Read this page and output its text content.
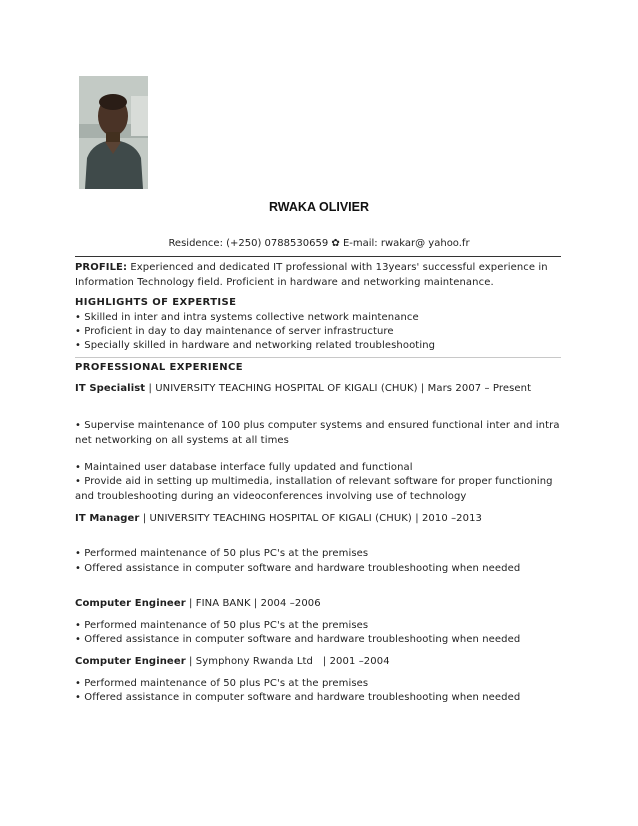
RWAKA OLIVIER
Residence: (+250) 0788530659 ✿ E-mail: rwakar@ yahoo.fr
PROFILE: Experienced and dedicated IT professional with 13years' successful experience in Information Technology field. Proficient in hardware and networking maintenance.
HIGHLIGHTS OF EXPERTISE
• Skilled in inter and intra systems collective network maintenance
• Proficient in day to day maintenance of server infrastructure
• Specially skilled in hardware and networking related troubleshooting
PROFESSIONAL EXPERIENCE
IT Specialist | UNIVERSITY TEACHING HOSPITAL OF KIGALI (CHUK) | Mars 2007 – Present
• Supervise maintenance of 100 plus computer systems and ensured functional inter and intra net networking on all systems at all times
• Maintained user database interface fully updated and functional
• Provide aid in setting up multimedia, installation of relevant software for proper functioning and troubleshooting during an videoconferences involving use of technology
IT Manager | UNIVERSITY TEACHING HOSPITAL OF KIGALI (CHUK) | 2010 –2013
• Performed maintenance of 50 plus PC's at the premises
• Offered assistance in computer software and hardware troubleshooting when needed
Computer Engineer | FINA BANK | 2004 –2006
• Performed maintenance of 50 plus PC's at the premises
• Offered assistance in computer software and hardware troubleshooting when needed
Computer Engineer | Symphony Rwanda Ltd   | 2001 –2004
• Performed maintenance of 50 plus PC's at the premises
• Offered assistance in computer software and hardware troubleshooting when needed
